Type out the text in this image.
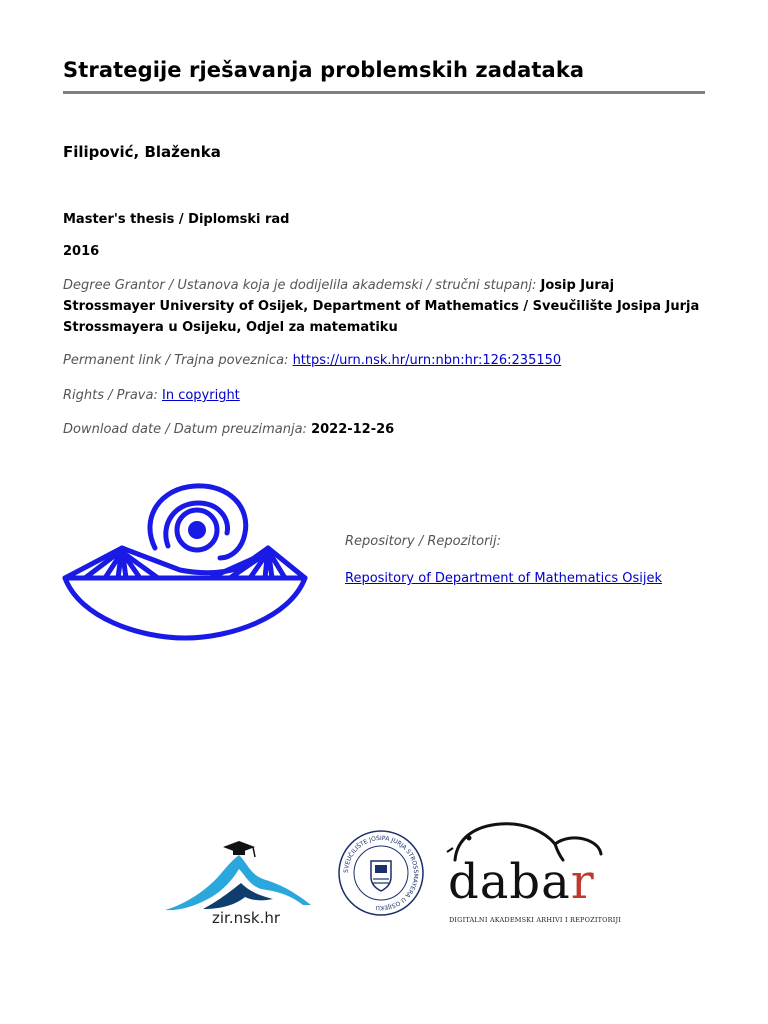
Strategije rješavanja problemskih zadataka
Filipović, Blaženka
Master's thesis / Diplomski rad
2016
Degree Grantor / Ustanova koja je dodijelila akademski / stručni stupanj: Josip Juraj Strossmayer University of Osijek, Department of Mathematics / Sveučilište Josipa Jurja Strossmayera u Osijeku, Odjel za matematiku
Permanent link / Trajna poveznica: https://urn.nsk.hr/urn:nbn:hr:126:235150
Rights / Prava: In copyright
Download date / Datum preuzimanja: 2022-12-26
Repository / Repozitorij:
Repository of Department of Mathematics Osijek
zir.nsk.hr
SVEUČILIŠTE JOSIPA JURJA STROSSMAYERA U OSIJEKU	dabar
DIGITALNI AKADEMSKI ARHIVI I REPOZITORIJI
